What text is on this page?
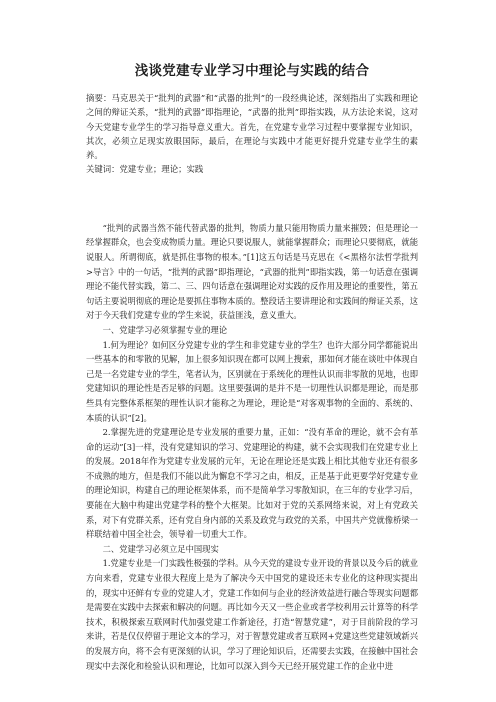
浅谈党建专业学习中理论与实践的结合
摘要：马克思关于“批判的武器”和“武器的批判”的一段经典论述，深刻指出了实践和理论之间的辩证关系，“批判的武器”即指理论，“武器的批判”即指实践，从方法论来说，这对今天党建专业学生的学习指导意义重大。首先，在党建专业学习过程中要掌握专业知识，其次，必须立足现实放眼国际，最后，在理论与实践中才能更好提升党建专业学生的素养。
关键词：党建专业；理论；实践

“批判的武器当然不能代替武器的批判，物质力量只能用物质力量来摧毁；但是理论一经掌握群众，也会变成物质力量。理论只要说服人，就能掌握群众；而理论只要彻底，就能说服人。所谓彻底，就是抓住事物的根本。”[1]这五句话是马克思在《<黑格尔法哲学批判>导言》中的一句话，“批判的武器”即指理论，“武器的批判”即指实践，第一句话意在强调理论不能代替实践，第二、三、四句话意在强调理论对实践的反作用及理论的重要性，第五句话主要说明彻底的理论是要抓住事物本质的。整段话主要讲理论和实践间的辩证关系，这对于今天我们党建专业的学生来说，获益匪浅，意义重大。

一、党建学习必须掌握专业的理论

1.何为理论？如何区分党建专业的学生和非党建专业的学生？也许大部分同学都能说出一些基本的和零散的见解，加上很多知识现在都可以网上搜索，那如何才能在谈吐中体现自己是一名党建专业的学生，笔者认为，区别就在于系统化的理性认识而非零散的见地，也即党建知识的理论性是否足够的问题。这里要强调的是并不是一切理性认识都是理论，而是那些具有完整体系框架的理性认识才能称之为理论，理论是“对客观事物的全面的、系统的、本质的认识”[2]。

2.掌握先进的党建理论是专业发展的重要力量，正如：“没有革命的理论，就不会有革命的运动”[3]一样，没有党建知识的学习、党建理论的构建，就不会实现我们在党建专业上的发展。2018年作为党建专业发展的元年，无论在理论还是实践上相比其他专业还有很多不成熟的地方，但是我们不能以此为懈怠不学习之由，相反，正是基于此更要学好党建专业的理论知识，构建自己的理论框架体系，而不是简单学习零散知识，在三年的专业学习后，要能在大脑中构建出党建学科的整个大框架。比如对于党的关系网络来说，对上有党政关系，对下有党群关系，还有党自身内部的关系及政党与政党的关系，中国共产党就像桥梁一样联结着中国全社会，领导着一切重大工作。

二、党建学习必须立足中国现实

1.党建专业是一门实践性极强的学科。从今天党的建设专业开设的背景以及今后的就业方向来看，党建专业很大程度上是为了解决今天中国党的建设还未专业化的这种现实提出的，现实中还鲜有专业的党建人才，党建工作如何与企业的经济效益进行融合等现实问题都是需要在实践中去探索和解决的问题。再比如今天又一些企业或者学校利用云计算等的科学技术，积极探索互联网时代加强党建工作新途径，打造“智慧党建”，对于目前阶段的学习来讲，若是仅仅停留于理论文本的学习，对于智慧党建或者互联网+党建这些党建领域新兴的发展方向，将不会有更深刻的认识，学习了理论知识后，还需要去实践，在接触中国社会现实中去深化和检验认识和理论，比如可以深入到今天已经开展党建工作的企业中进
